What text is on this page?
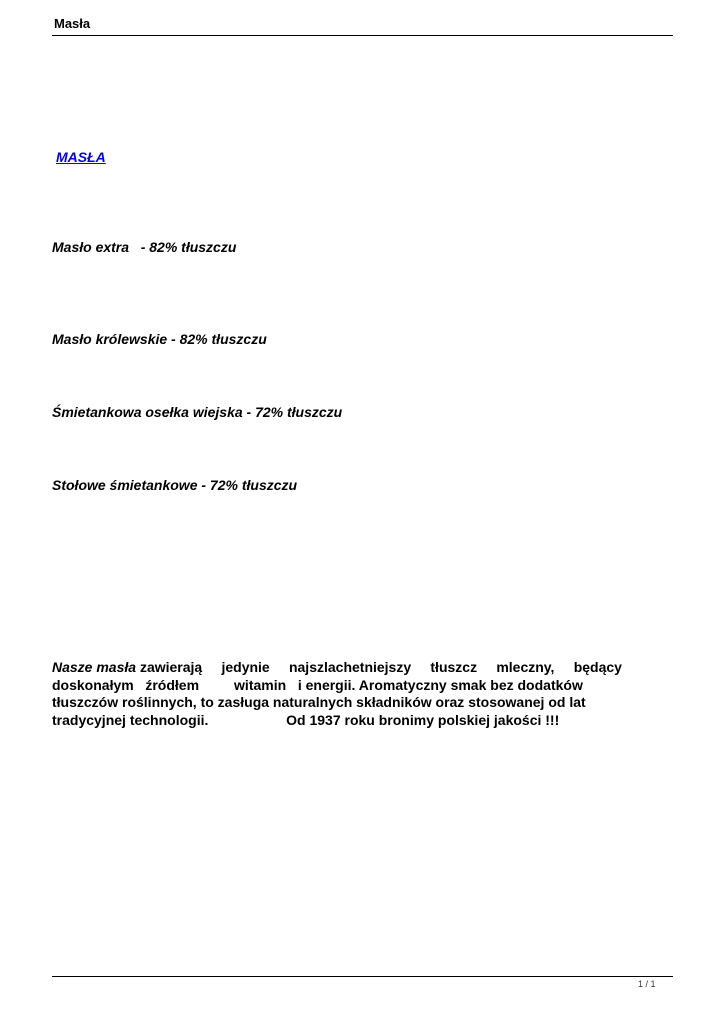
Masła
MASŁA
Masło extra   - 82% tłuszczu
Masło królewskie - 82% tłuszczu
Śmietankowa osełka wiejska - 72% tłuszczu
Stołowe śmietankowe - 72% tłuszczu
Nasze masła zawierają jedynie najszlachetniejszy tłuszcz mleczny, będący
doskonałym   źródłem         witamin   i energii. Aromatyczny smak bez dodatków
tłuszczów roślinnych, to zasługa naturalnych składników oraz stosowanej od lat
tradycyjnej technologii.                    Od 1937 roku bronimy polskiej jakości !!!
1 / 1
